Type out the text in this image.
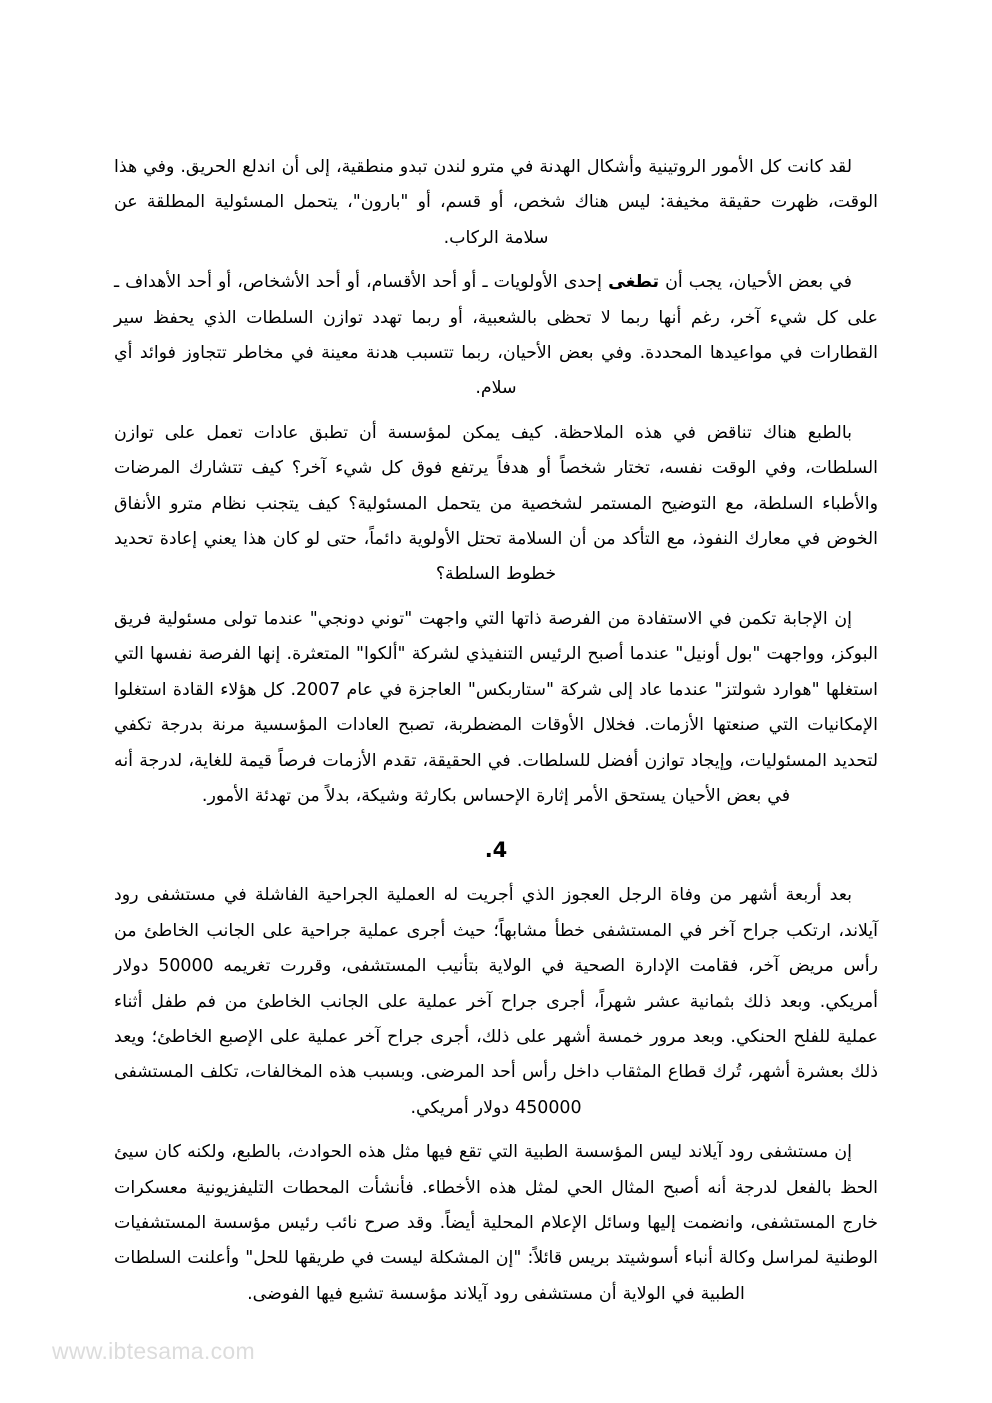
لقد كانت كل الأمور الروتينية وأشكال الهدنة في مترو لندن تبدو منطقية، إلى أن اندلع الحريق. وفي هذا الوقت، ظهرت حقيقة مخيفة: ليس هناك شخص، أو قسم، أو "بارون"، يتحمل المسئولية المطلقة عن سلامة الركاب.

في بعض الأحيان، يجب أن تطغى إحدى الأولويات ـ أو أحد الأقسام، أو أحد الأشخاص، أو أحد الأهداف ـ على كل شيء آخر، رغم أنها ربما لا تحظى بالشعبية، أو ربما تهدد توازن السلطات الذي يحفظ سير القطارات في مواعيدها المحددة. وفي بعض الأحيان، ربما تتسبب هدنة معينة في مخاطر تتجاوز فوائد أي سلام.

بالطبع هناك تناقض في هذه الملاحظة. كيف يمكن لمؤسسة أن تطبق عادات تعمل على توازن السلطات، وفي الوقت نفسه، تختار شخصاً أو هدفاً يرتفع فوق كل شيء آخر؟ كيف تتشارك المرضات والأطباء السلطة، مع التوضيح المستمر لشخصية من يتحمل المسئولية؟ كيف يتجنب نظام مترو الأنفاق الخوض في معارك النفوذ، مع التأكد من أن السلامة تحتل الأولوية دائماً، حتى لو كان هذا يعني إعادة تحديد خطوط السلطة؟

إن الإجابة تكمن في الاستفادة من الفرصة ذاتها التي واجهت "توني دونجي" عندما تولى مسئولية فريق البوكز، وواجهت "بول أونيل" عندما أصبح الرئيس التنفيذي لشركة "ألكوا" المتعثرة. إنها الفرصة نفسها التي استغلها "هوارد شولتز" عندما عاد إلى شركة "ستاربكس" العاجزة في عام 2007. كل هؤلاء القادة استغلوا الإمكانيات التي صنعتها الأزمات. فخلال الأوقات المضطربة، تصبح العادات المؤسسية مرنة بدرجة تكفي لتحديد المسئوليات، وإيجاد توازن أفضل للسلطات. في الحقيقة، تقدم الأزمات فرصاً قيمة للغاية، لدرجة أنه في بعض الأحيان يستحق الأمر إثارة الإحساس بكارثة وشيكة، بدلاً من تهدئة الأمور.

.4

بعد أربعة أشهر من وفاة الرجل العجوز الذي أجريت له العملية الجراحية الفاشلة في مستشفى رود آيلاند، ارتكب جراح آخر في المستشفى خطأ مشابهاً؛ حيث أجرى عملية جراحية على الجانب الخاطئ من رأس مريض آخر، فقامت الإدارة الصحية في الولاية بتأنيب المستشفى، وقررت تغريمه 50000 دولار أمريكي. وبعد ذلك بثمانية عشر شهراً، أجرى جراح آخر عملية على الجانب الخاطئ من فم طفل أثناء عملية للفلح الحنكي. وبعد مرور خمسة أشهر على ذلك، أجرى جراح آخر عملية على الإصبع الخاطئ؛ ويعد ذلك بعشرة أشهر، تُرك قطاع المثقاب داخل رأس أحد المرضى. وبسبب هذه المخالفات، تكلف المستشفى 450000 دولار أمريكي.

إن مستشفى رود آيلاند ليس المؤسسة الطبية التي تقع فيها مثل هذه الحوادث، بالطبع، ولكنه كان سيئ الحظ بالفعل لدرجة أنه أصبح المثال الحي لمثل هذه الأخطاء. فأنشأت المحطات التليفزيونية معسكرات خارج المستشفى، وانضمت إليها وسائل الإعلام المحلية أيضاً. وقد صرح نائب رئيس مؤسسة المستشفيات الوطنية لمراسل وكالة أنباء أسوشيتد بريس قائلاً: "إن المشكلة ليست في طريقها للحل" وأعلنت السلطات الطبية في الولاية أن مستشفى رود آيلاند مؤسسة تشيع فيها الفوضى.

www.ibtesama.com
